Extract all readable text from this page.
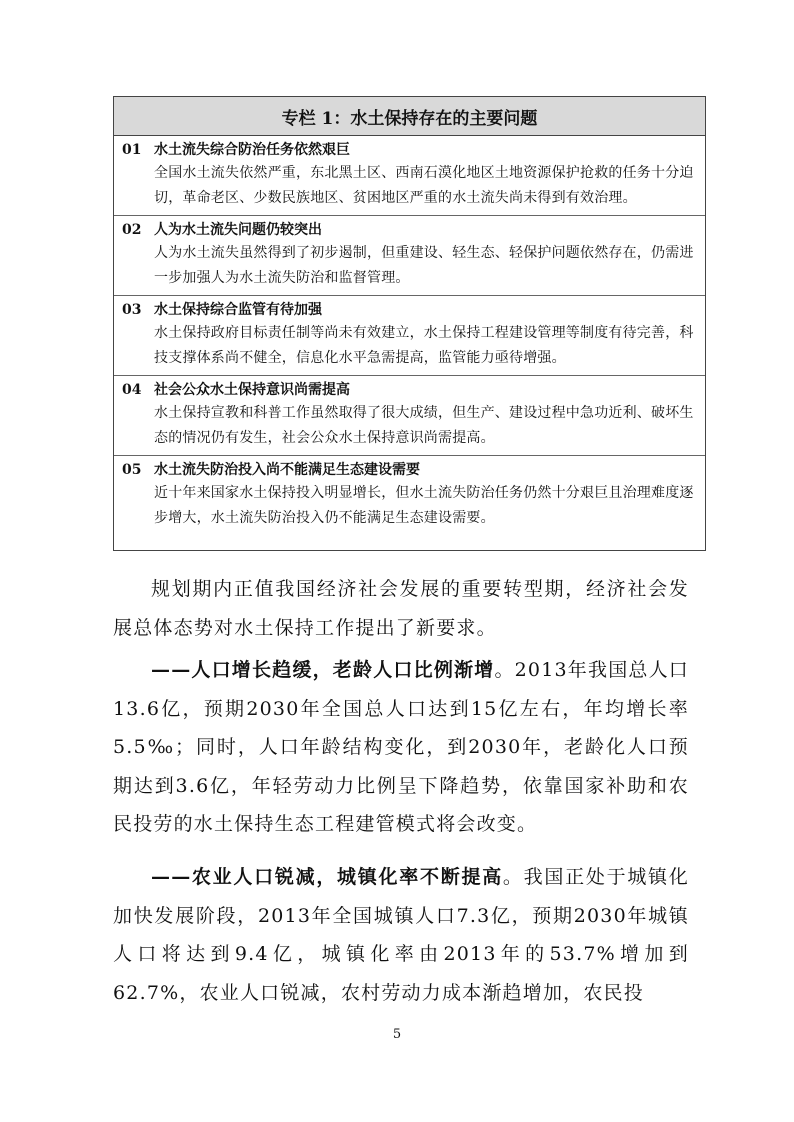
专栏 1：水土保持存在的主要问题
01 水土流失综合防治任务依然艰巨
全国水土流失依然严重，东北黑土区、西南石漠化地区土地资源保护抢救的任务十分迫切，革命老区、少数民族地区、贫困地区严重的水土流失尚未得到有效治理。
02 人为水土流失问题仍较突出
人为水土流失虽然得到了初步遏制，但重建设、轻生态、轻保护问题依然存在，仍需进一步加强人为水土流失防治和监督管理。
03 水土保持综合监管有待加强
水土保持政府目标责任制等尚未有效建立，水土保持工程建设管理等制度有待完善，科技支撑体系尚不健全，信息化水平急需提高，监管能力亟待增强。
04 社会公众水土保持意识尚需提高
水土保持宣教和科普工作虽然取得了很大成绩，但生产、建设过程中急功近利、破坏生态的情况仍有发生，社会公众水土保持意识尚需提高。
05 水土流失防治投入尚不能满足生态建设需要
近十年来国家水土保持投入明显增长，但水土流失防治任务仍然十分艰巨且治理难度逐步增大，水土流失防治投入仍不能满足生态建设需要。
规划期内正值我国经济社会发展的重要转型期，经济社会发展总体态势对水土保持工作提出了新要求。
——人口增长趋缓，老龄人口比例渐增。2013年我国总人口13.6亿，预期2030年全国总人口达到15亿左右，年均增长率5.5‰；同时，人口年龄结构变化，到2030年，老龄化人口预期达到3.6亿，年轻劳动力比例呈下降趋势，依靠国家补助和农民投劳的水土保持生态工程建管模式将会改变。
——农业人口锐减，城镇化率不断提高。我国正处于城镇化加快发展阶段，2013年全国城镇人口7.3亿，预期2030年城镇人口将达到9.4亿，城镇化率由2013年的53.7%增加到62.7%，农业人口锐减，农村劳动力成本渐趋增加，农民投
5
